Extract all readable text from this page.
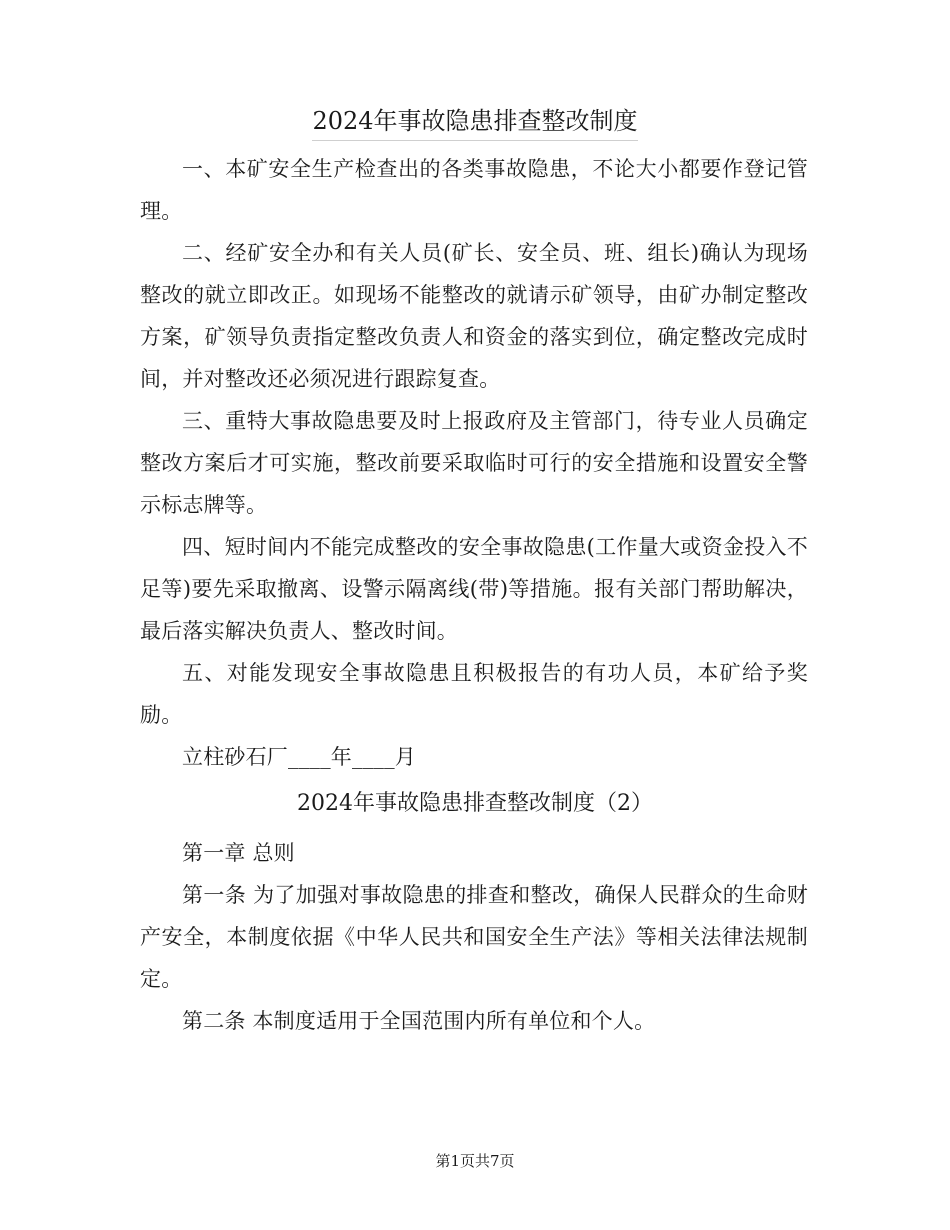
2024年事故隐患排查整改制度

一、本矿安全生产检查出的各类事故隐患，不论大小都要作登记管理。

二、经矿安全办和有关人员(矿长、安全员、班、组长)确认为现场整改的就立即改正。如现场不能整改的就请示矿领导，由矿办制定整改方案，矿领导负责指定整改负责人和资金的落实到位，确定整改完成时间，并对整改还必须况进行跟踪复查。

三、重特大事故隐患要及时上报政府及主管部门，待专业人员确定整改方案后才可实施，整改前要采取临时可行的安全措施和设置安全警示标志牌等。

四、短时间内不能完成整改的安全事故隐患(工作量大或资金投入不足等)要先采取撤离、设警示隔离线(带)等措施。报有关部门帮助解决，最后落实解决负责人、整改时间。

五、对能发现安全事故隐患且积极报告的有功人员，本矿给予奖励。

立柱砂石厂____年____月

2024年事故隐患排查整改制度（2）

第一章 总则

第一条 为了加强对事故隐患的排查和整改，确保人民群众的生命财产安全，本制度依据《中华人民共和国安全生产法》等相关法律法规制定。

第二条 本制度适用于全国范围内所有单位和个人。

第1页共7页
